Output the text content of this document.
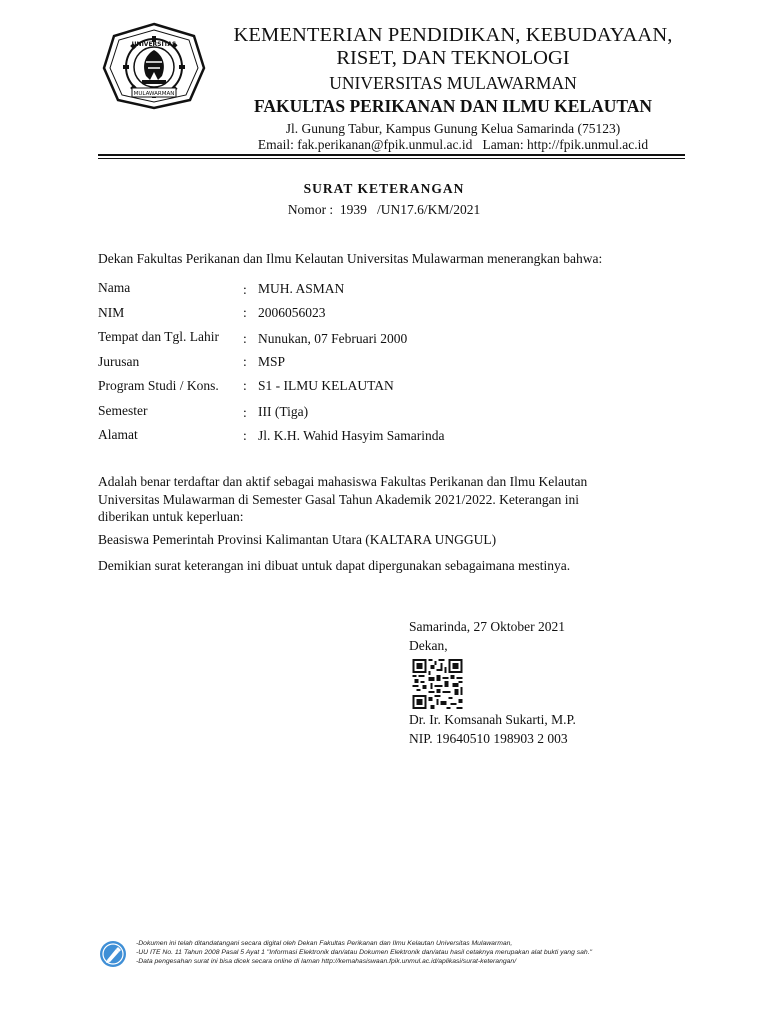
UNIVERSITAS
MULAWARMAN
KEMENTERIAN PENDIDIKAN, KEBUDAYAAN,
RISET, DAN TEKNOLOGI
UNIVERSITAS MULAWARMAN
FAKULTAS PERIKANAN DAN ILMU KELAUTAN
Jl. Gunung Tabur, Kampus Gunung Kelua Samarinda (75123)
Email: fak.perikanan@fpik.unmul.ac.id   Laman: http://fpik.unmul.ac.id
SURAT KETERANGAN
Nomor :  1939   /UN17.6/KM/2021
Dekan Fakultas Perikanan dan Ilmu Kelautan Universitas Mulawarman menerangkan bahwa:
Nama	: MUH. ASMAN
NIM	: 2006056023
Tempat dan Tgl. Lahir : Nunukan, 07 Februari 2000
Jurusan	: MSP
Program Studi / Kons. : S1 - ILMU KELAUTAN
Semester	: III (Tiga)
Alamat	: Jl. K.H. Wahid Hasyim Samarinda
Adalah benar terdaftar dan aktif sebagai mahasiswa Fakultas Perikanan dan Ilmu Kelautan
Universitas Mulawarman di Semester Gasal Tahun Akademik 2021/2022. Keterangan ini
diberikan untuk keperluan:
Beasiswa Pemerintah Provinsi Kalimantan Utara (KALTARA UNGGUL)
Demikian surat keterangan ini dibuat untuk dapat dipergunakan sebagaimana mestinya.
Samarinda, 27 Oktober 2021
Dekan,
Dr. Ir. Komsanah Sukarti, M.P.
NIP. 19640510 198903 2 003
-Dokumen ini telah ditandatangani secara digital oleh Dekan Fakultas Perikanan dan Ilmu Kelautan Universitas Mulawarman,
-UU ITE No. 11 Tahun 2008 Pasal 5 Ayat 1 "Informasi Elektronik dan/atau Dokumen Elektronik dan/atau hasil cetaknya merupakan alat bukti yang sah."
-Data pengesahan surat ini bisa dicek secara online di laman http://kemahasiswaan.fpik.unmul.ac.id/aplikasi/surat-keterangan/
